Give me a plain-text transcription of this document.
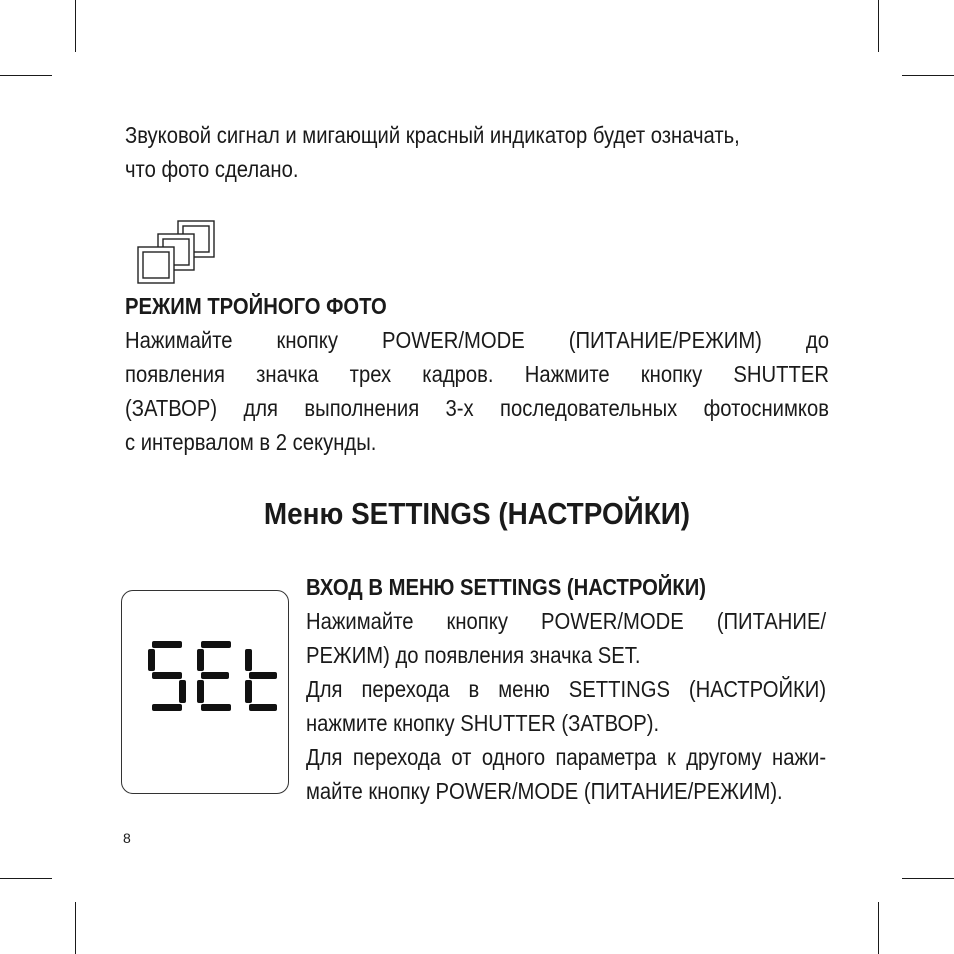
Звуковой сигнал и мигающий красный индикатор будет означать,
что фото сделано.
РЕЖИМ ТРОЙНОГО ФОТО
Нажимайте кнопку POWER/MODE (ПИТАНИЕ/РЕЖИМ) до
появления значка трех кадров. Нажмите кнопку SHUTTER
(ЗАТВОР) для выполнения 3-х последовательных фотоснимков
с интервалом в 2 секунды.
Меню SETTINGS (НАСТРОЙКИ)
ВХОД В МЕНЮ SETTINGS (НАСТРОЙКИ)
Нажимайте кнопку POWER/MODE (ПИТАНИЕ/
РЕЖИМ) до появления значка SET.
Для перехода в меню SETTINGS (НАСТРОЙКИ)
нажмите кнопку SHUTTER (ЗАТВОР).
Для перехода от одного параметра к другому нажи-
майте кнопку POWER/MODE (ПИТАНИЕ/РЕЖИМ).

8
